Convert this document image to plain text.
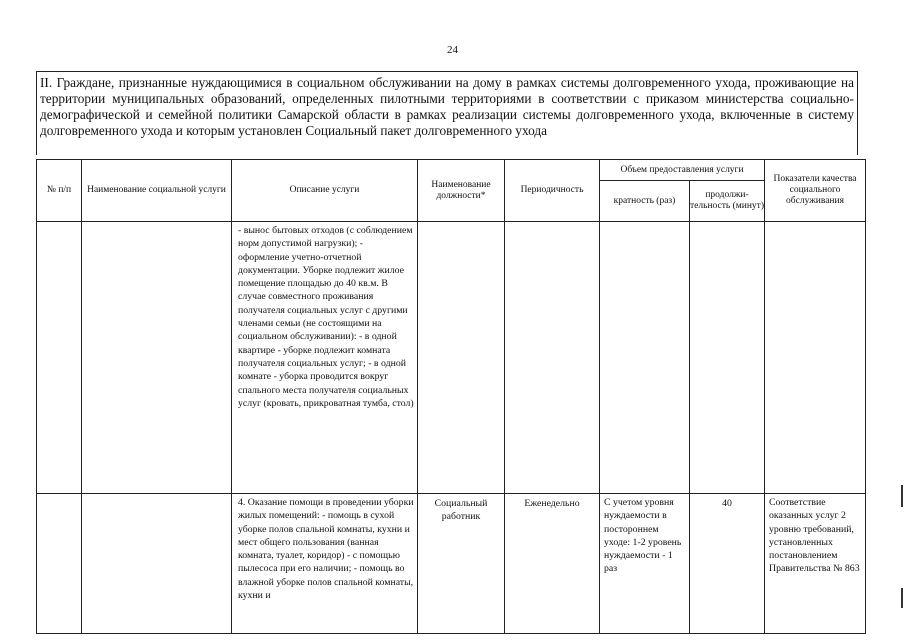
24
II. Граждане, признанные нуждающимися в социальном обслуживании на дому в рамках системы долговременного ухода, проживающие на территории муниципальных образований, определенных пилотными территориями в соответствии с приказом министерства социально-демографической и семейной политики Самарской области в рамках реализации системы долговременного ухода, включенные в систему долговременного ухода и которым установлен Социальный пакет долговременного ухода
№ п/п	Наименование социальной услуги	Описание услуги	Наименование должности*	Периодичность	Объем предоставления услуги		Показатели качества социального обслуживания
					кратность (раз)	продолжи-тельность (минут)	
		- вынос бытовых отходов (с соблюдением норм допустимой нагрузки); - оформление учетно-отчетной документации. Уборке подлежит жилое помещение площадью до 40 кв.м. В случае совместного проживания получателя социальных услуг с другими членами семьи (не состоящими на социальном обслуживании): - в одной квартире - уборке подлежит комната получателя социальных услуг; - в одной комнате - уборка проводится вокруг спального места получателя социальных услуг (кровать, прикроватная тумба, стол)					
		4. Оказание помощи в проведении уборки жилых помещений: - помощь в сухой уборке полов спальной комнаты, кухни и мест общего пользования (ванная комната, туалет, коридор) - с помощью пылесоса при его наличии; - помощь во влажной уборке полов спальной комнаты, кухни и	Социальный работник	Еженедельно	С учетом уровня нуждаемости в постороннем уходе: 1-2 уровень нуждаемости - 1 раз	40	Соответствие оказанных услуг 2 уровню требований, установленных постановлением Правительства № 863
